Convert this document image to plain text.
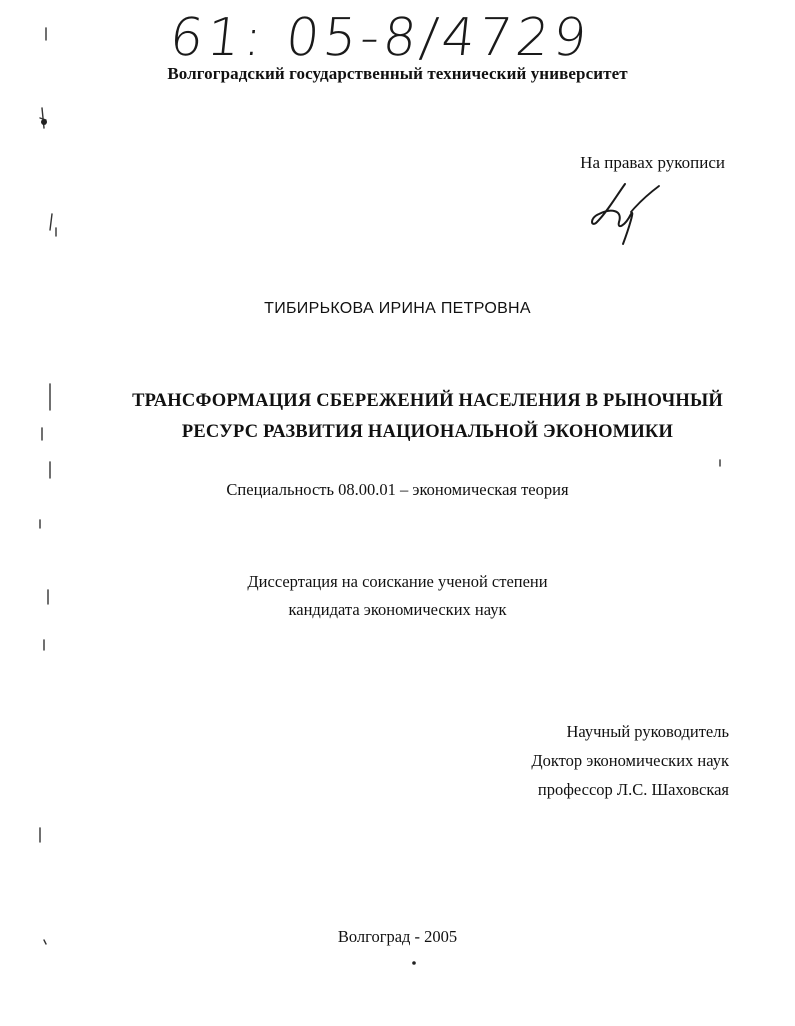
61: 05-8/4729
Волгоградский государственный технический университет
На правах рукописи
ТИБИРЬКОВА ИРИНА ПЕТРОВНА
ТРАНСФОРМАЦИЯ СБЕРЕЖЕНИЙ НАСЕЛЕНИЯ В РЫНОЧНЫЙ
РЕСУРС РАЗВИТИЯ НАЦИОНАЛЬНОЙ ЭКОНОМИКИ
Специальность 08.00.01 – экономическая теория
Диссертация на соискание ученой степени
кандидата экономических наук
Научный руководитель
Доктор экономических наук
профессор Л.С. Шаховская
Волгоград - 2005
